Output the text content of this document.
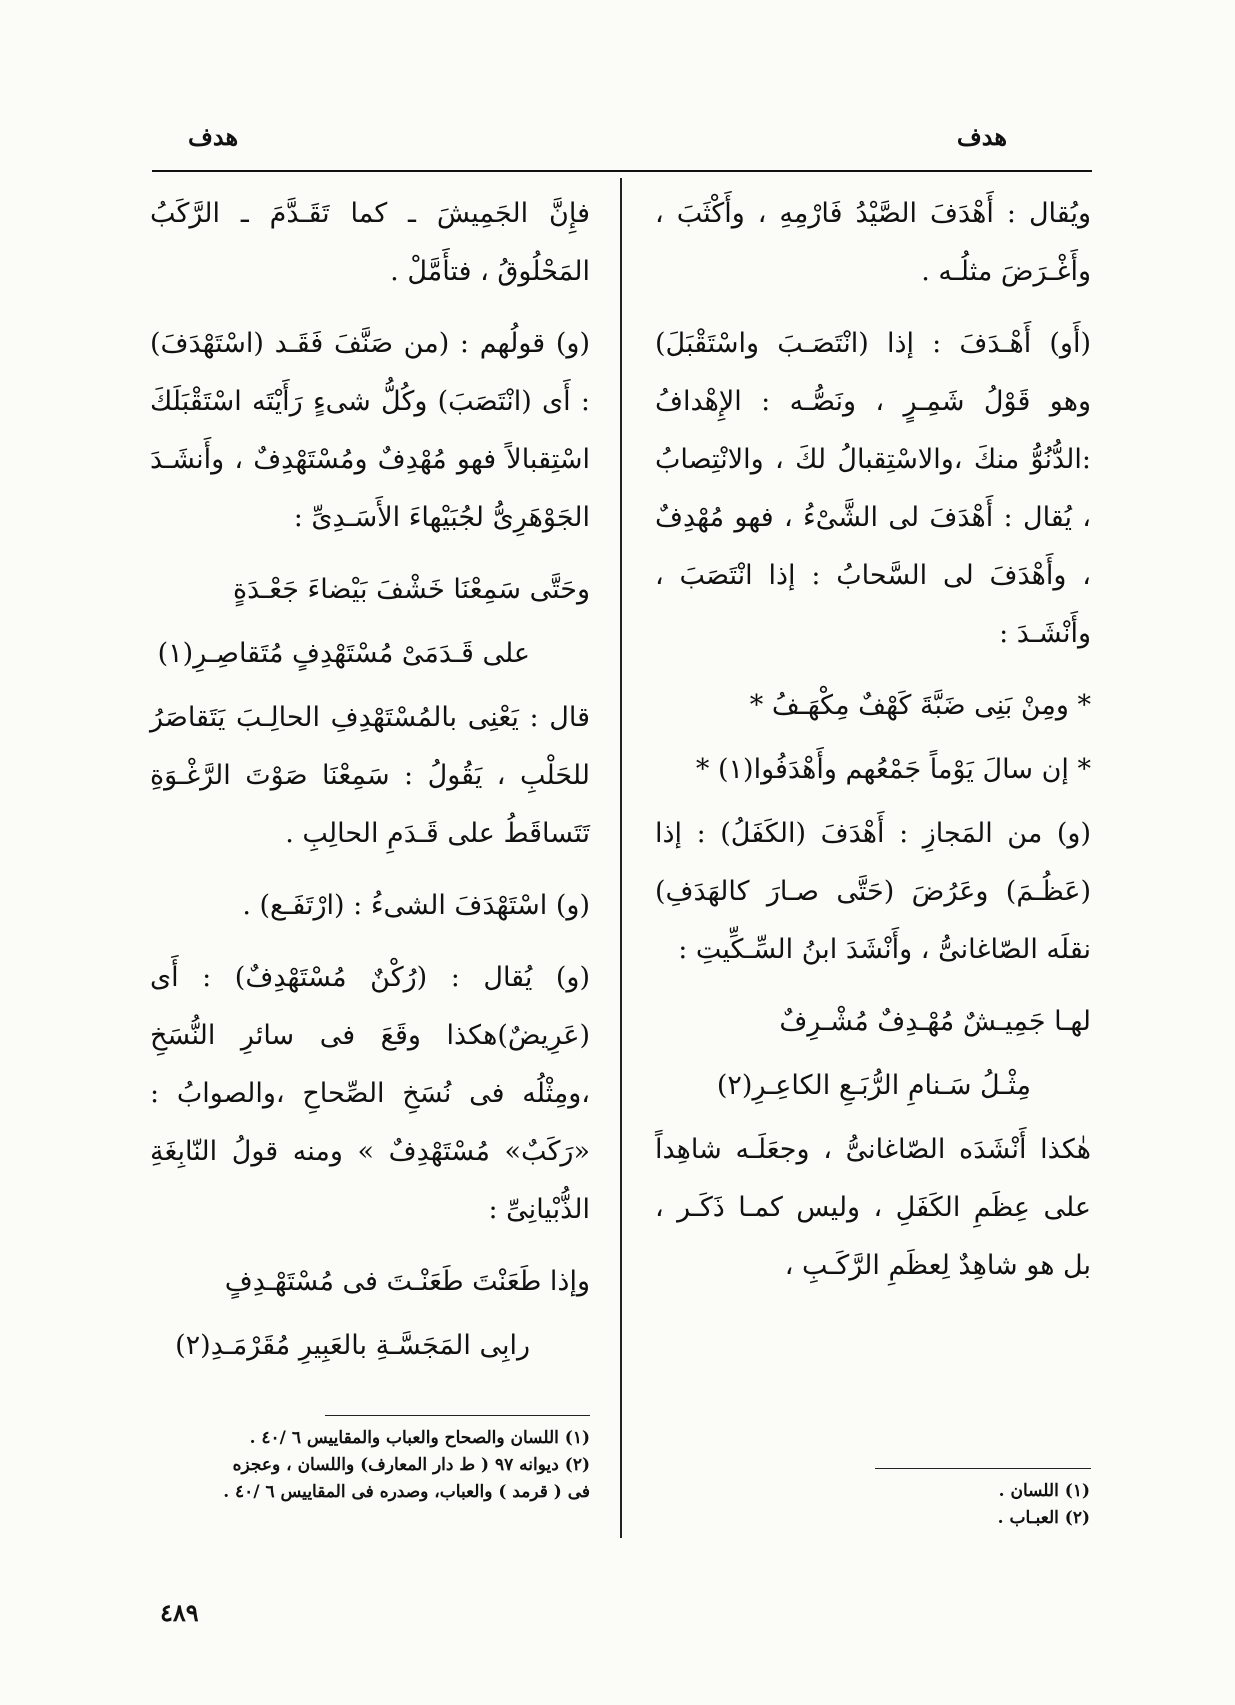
هدف
هدف

ويُقال : أَهْدَفَ الصَّيْدُ فَارْمِهِ ، وأَكْثَبَ ، وأَغْـرَضَ مثلُـه .

(أَو) أَهْـدَفَ : إذا (انْتَصَـبَ واسْتَقْبَلَ) وهو قَوْلُ شَمِـرٍ ، ونَصُّـه : الإِهْدافُ :الدُّنُوُّ منكَ ،والاسْتِقبالُ لكَ ، والانْتِصابُ ، يُقال : أَهْدَفَ لى الشَّىْءُ ، فهو مُهْدِفٌ ، وأَهْدَفَ لى السَّحابُ : إذا انْتَصَبَ ، وأَنْشَـدَ :

* ومِنْ بَنِى ضَبَّةَ كَهْفٌ مِكْهَـفُ *

* إن سالَ يَوْماً جَمْعُهم وأَهْدَفُوا(١) *

(و) من المَجازِ : أَهْدَفَ (الكَفَلُ) : إذا (عَظُـمَ) وعَرُضَ (حَتَّى صـارَ كالهَدَفِ) نقلَه الصّاغانىُّ ، وأَنْشَدَ ابنُ السِّـكِّيتِ :

لهـا جَمِيـشٌ مُهْـدِفٌ مُشْـرِفٌ

مِثْـلُ سَـنامِ الرُّبَـعِ الكاعِـرِ(٢)

هٰكذا أَنْشَدَه الصّاغانىُّ ، وجعَلَـه شاهِداً على عِظَمِ الكَفَلِ ، وليس كمـا ذَكَـر ، بل هو شاهِدٌ لِعظَمِ الرَّكَـبِ ،

فإِنَّ الجَمِيشَ ـ كما تَقَـدَّمَ ـ الرَّكَبُ المَحْلُوقُ ، فتأَمَّلْ .

(و) قولُهم : (من صَنَّفَ فَقَـد (اسْتَهْدَفَ) : أَى (انْتَصَبَ) وكُلُّ شىءٍ رَأَيْتَه اسْتَقْبَلَكَ اسْتِقبالاً فهو مُهْدِفٌ ومُسْتَهْدِفٌ ، وأَنشَـدَ الجَوْهَرِىُّ لجُبَيْهاءَ الأَسَـدِىِّ :

وحَتَّى سَمِعْنَا خَشْفَ بَيْضاءَ جَعْـدَةٍ

على قَـدَمَىْ مُسْتَهْدِفٍ مُتَقاصِـرِ(١)

قال : يَعْنِى بالمُسْتَهْدِفِ الحالِـبَ يَتَقاصَرُ للحَلْبِ ، يَقُولُ : سَمِعْنَا صَوْتَ الرَّغْـوَةِ تَتَساقَطُ على قَـدَمِ الحالِبِ .

(و) اسْتَهْدَفَ الشىءُ : (ارْتَفَـع) .

(و) يُقال : (رُكْنٌ مُسْتَهْدِفٌ) : أَى (عَرِيضٌ)هكذا وقَعَ فى سائرِ النُّسَخِ ،ومِثْلُه فى نُسَخِ الصِّحاحِ ،والصوابُ : «رَكَبٌ» مُسْتَهْدِفٌ » ومنه قولُ النّابِغَةِ الذُّبْيانِىِّ :

وإذا طَعَنْتَ طَعَنْـتَ فى مُسْتَهْـدِفٍ

رابِى المَجَسَّـةِ بالعَبِيرِ مُقَرْمَـدِ(٢)

(١) اللسان .
(٢) العبـاب .
(١) اللسان والصحاح والعباب والمقاييس ٦ /٤٠ .
(٢) ديوانه ٩٧ ( ط دار المعارف) واللسان ، وعجزه
فى ( قرمد ) والعباب، وصدره فى المقاييس ٦ /٤٠ .
٤٨٩
